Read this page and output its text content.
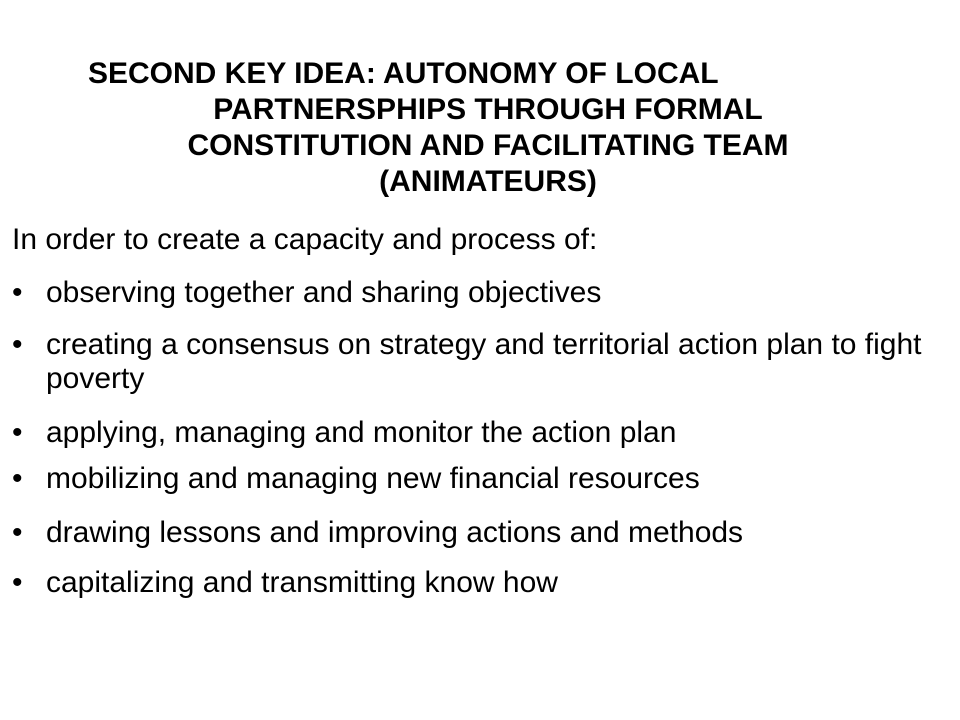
SECOND KEY IDEA: AUTONOMY OF LOCAL
PARTNERSPHIPS THROUGH FORMAL
CONSTITUTION AND FACILITATING TEAM
(ANIMATEURS)

In order to create a capacity and process of:

• observing together and sharing objectives
• creating a consensus on strategy and territorial action plan to fight poverty
• applying, managing and monitor the action plan
• mobilizing and managing new financial resources
• drawing lessons and improving actions and methods
• capitalizing and transmitting know how
